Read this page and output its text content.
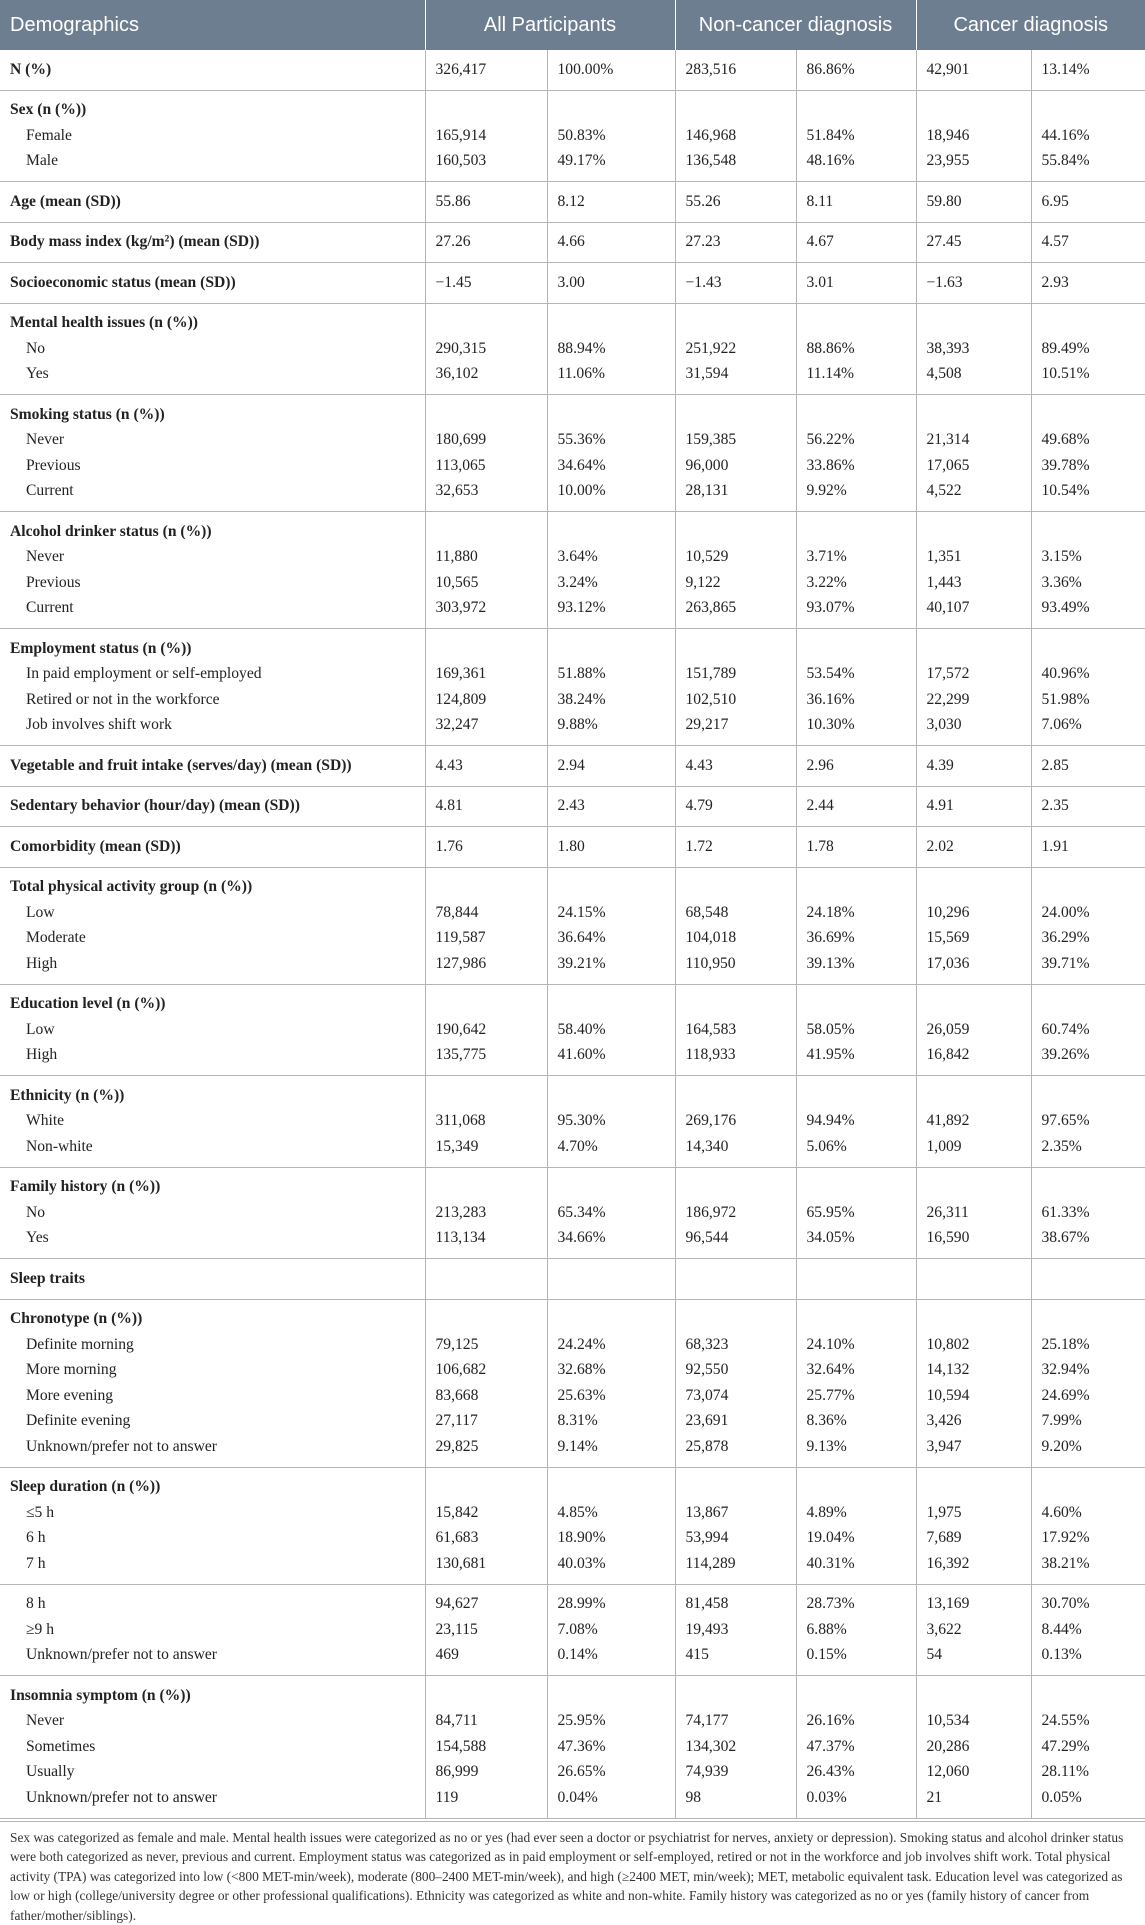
Demographics	All Participants		Non-cancer diagnosis		Cancer diagnosis	
N (%)	326,417	100.00%	283,516	86.86%	42,901	13.14%
Sex (n (%))						
Female	165,914	50.83%	146,968	51.84%	18,946	44.16%
Male	160,503	49.17%	136,548	48.16%	23,955	55.84%
Age (mean (SD))	55.86	8.12	55.26	8.11	59.80	6.95
Body mass index (kg/m²) (mean (SD))	27.26	4.66	27.23	4.67	27.45	4.57
Socioeconomic status (mean (SD))	−1.45	3.00	−1.43	3.01	−1.63	2.93
Mental health issues (n (%))						
No	290,315	88.94%	251,922	88.86%	38,393	89.49%
Yes	36,102	11.06%	31,594	11.14%	4,508	10.51%
Smoking status (n (%))						
Never	180,699	55.36%	159,385	56.22%	21,314	49.68%
Previous	113,065	34.64%	96,000	33.86%	17,065	39.78%
Current	32,653	10.00%	28,131	9.92%	4,522	10.54%
Alcohol drinker status (n (%))						
Never	11,880	3.64%	10,529	3.71%	1,351	3.15%
Previous	10,565	3.24%	9,122	3.22%	1,443	3.36%
Current	303,972	93.12%	263,865	93.07%	40,107	93.49%
Employment status (n (%))						
In paid employment or self-employed	169,361	51.88%	151,789	53.54%	17,572	40.96%
Retired or not in the workforce	124,809	38.24%	102,510	36.16%	22,299	51.98%
Job involves shift work	32,247	9.88%	29,217	10.30%	3,030	7.06%
Vegetable and fruit intake (serves/day) (mean (SD))	4.43	2.94	4.43	2.96	4.39	2.85
Sedentary behavior (hour/day) (mean (SD))	4.81	2.43	4.79	2.44	4.91	2.35
Comorbidity (mean (SD))	1.76	1.80	1.72	1.78	2.02	1.91
Total physical activity group (n (%))						
Low	78,844	24.15%	68,548	24.18%	10,296	24.00%
Moderate	119,587	36.64%	104,018	36.69%	15,569	36.29%
High	127,986	39.21%	110,950	39.13%	17,036	39.71%
Education level (n (%))						
Low	190,642	58.40%	164,583	58.05%	26,059	60.74%
High	135,775	41.60%	118,933	41.95%	16,842	39.26%
Ethnicity (n (%))						
White	311,068	95.30%	269,176	94.94%	41,892	97.65%
Non-white	15,349	4.70%	14,340	5.06%	1,009	2.35%
Family history (n (%))						
No	213,283	65.34%	186,972	65.95%	26,311	61.33%
Yes	113,134	34.66%	96,544	34.05%	16,590	38.67%
Sleep traits						
Chronotype (n (%))						
Definite morning	79,125	24.24%	68,323	24.10%	10,802	25.18%
More morning	106,682	32.68%	92,550	32.64%	14,132	32.94%
More evening	83,668	25.63%	73,074	25.77%	10,594	24.69%
Definite evening	27,117	8.31%	23,691	8.36%	3,426	7.99%
Unknown/prefer not to answer	29,825	9.14%	25,878	9.13%	3,947	9.20%
Sleep duration (n (%))						
≤5 h	15,842	4.85%	13,867	4.89%	1,975	4.60%
6 h	61,683	18.90%	53,994	19.04%	7,689	17.92%
7 h	130,681	40.03%	114,289	40.31%	16,392	38.21%
8 h	94,627	28.99%	81,458	28.73%	13,169	30.70%
≥9 h	23,115	7.08%	19,493	6.88%	3,622	8.44%
Unknown/prefer not to answer	469	0.14%	415	0.15%	54	0.13%
Insomnia symptom (n (%))						
Never	84,711	25.95%	74,177	26.16%	10,534	24.55%
Sometimes	154,588	47.36%	134,302	47.37%	20,286	47.29%
Usually	86,999	26.65%	74,939	26.43%	12,060	28.11%
Unknown/prefer not to answer	119	0.04%	98	0.03%	21	0.05%
Sex was categorized as female and male. Mental health issues were categorized as no or yes (had ever seen a doctor or psychiatrist for nerves, anxiety or depression). Smoking status and alcohol drinker status were both categorized as never, previous and current. Employment status was categorized as in paid employment or self-employed, retired or not in the workforce and job involves shift work. Total physical activity (TPA) was categorized into low (<800 MET-min/week), moderate (800–2400 MET-min/week), and high (≥2400 MET, min/week); MET, metabolic equivalent task. Education level was categorized as low or high (college/university degree or other professional qualifications). Ethnicity was categorized as white and non-white. Family history was categorized as no or yes (family history of cancer from father/mother/siblings).
